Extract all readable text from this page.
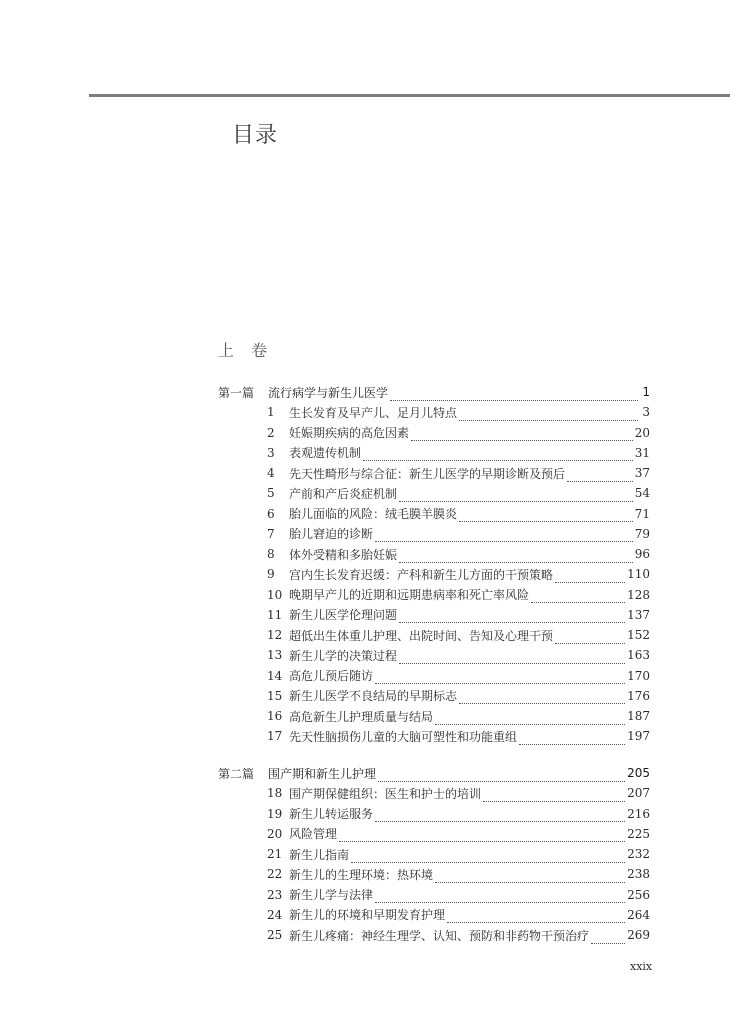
目录
上 卷
第一篇	流行病学与新生儿医学	1
1	生长发育及早产儿、足月儿特点	3
2	妊娠期疾病的高危因素	20
3	表观遗传机制	31
4	先天性畸形与综合征：新生儿医学的早期诊断及预后	37
5	产前和产后炎症机制	54
6	胎儿面临的风险：绒毛膜羊膜炎	71
7	胎儿窘迫的诊断	79
8	体外受精和多胎妊娠	96
9	宫内生长发育迟缓：产科和新生儿方面的干预策略	110
10 晚期早产儿的近期和远期患病率和死亡率风险	128
11 新生儿医学伦理问题	137
12 超低出生体重儿护理、出院时间、告知及心理干预	152
13 新生儿学的决策过程	163
14 高危儿预后随访	170
15 新生儿医学不良结局的早期标志	176
16 高危新生儿护理质量与结局	187
17 先天性脑损伤儿童的大脑可塑性和功能重组	197
第二篇	围产期和新生儿护理	205
18 围产期保健组织：医生和护士的培训	207
19 新生儿转运服务	216
20 风险管理	225
21 新生儿指南	232
22 新生儿的生理环境：热环境	238
23 新生儿学与法律	256
24 新生儿的环境和早期发育护理	264
25 新生儿疼痛：神经生理学、认知、预防和非药物干预治疗	269
xxix
